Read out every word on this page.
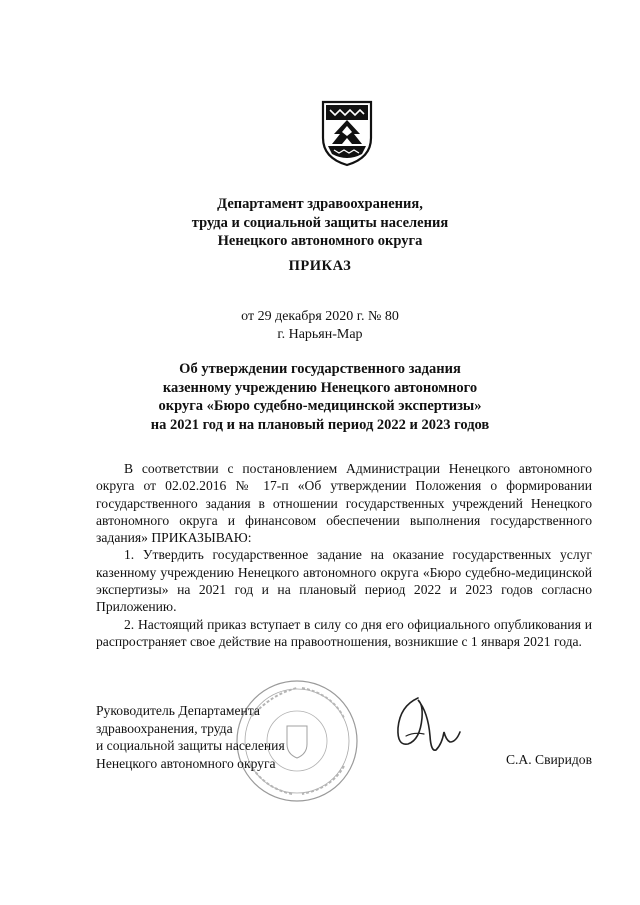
Департамент здравоохранения,
труда и социальной защиты населения
Ненецкого автономного округа
ПРИКАЗ
от 29 декабря 2020 г. № 80
г. Нарьян-Мар
Об утверждении государственного задания
казенному учреждению Ненецкого автономного
округа «Бюро судебно-медицинской экспертизы»
на 2021 год и на плановый период 2022 и 2023 годов

В соответствии с постановлением Администрации Ненецкого автономного округа от 02.02.2016 № 17-п «Об утверждении Положения о формировании государственного задания в отношении государственных учреждений Ненецкого автономного округа и финансовом обеспечении выполнения государственного задания» ПРИКАЗЫВАЮ:

1. Утвердить государственное задание на оказание государственных услуг казенному учреждению Ненецкого автономного округа «Бюро судебно-медицинской экспертизы» на 2021 год и на плановый период 2022 и 2023 годов согласно Приложению.

2. Настоящий приказ вступает в силу со дня его официального опубликования и распространяет свое действие на правоотношения, возникшие с 1 января 2021 года.

Руководитель Департамента
здравоохранения, труда
и социальной защиты населения
Ненецкого автономного округа	С.А. Свиридов
